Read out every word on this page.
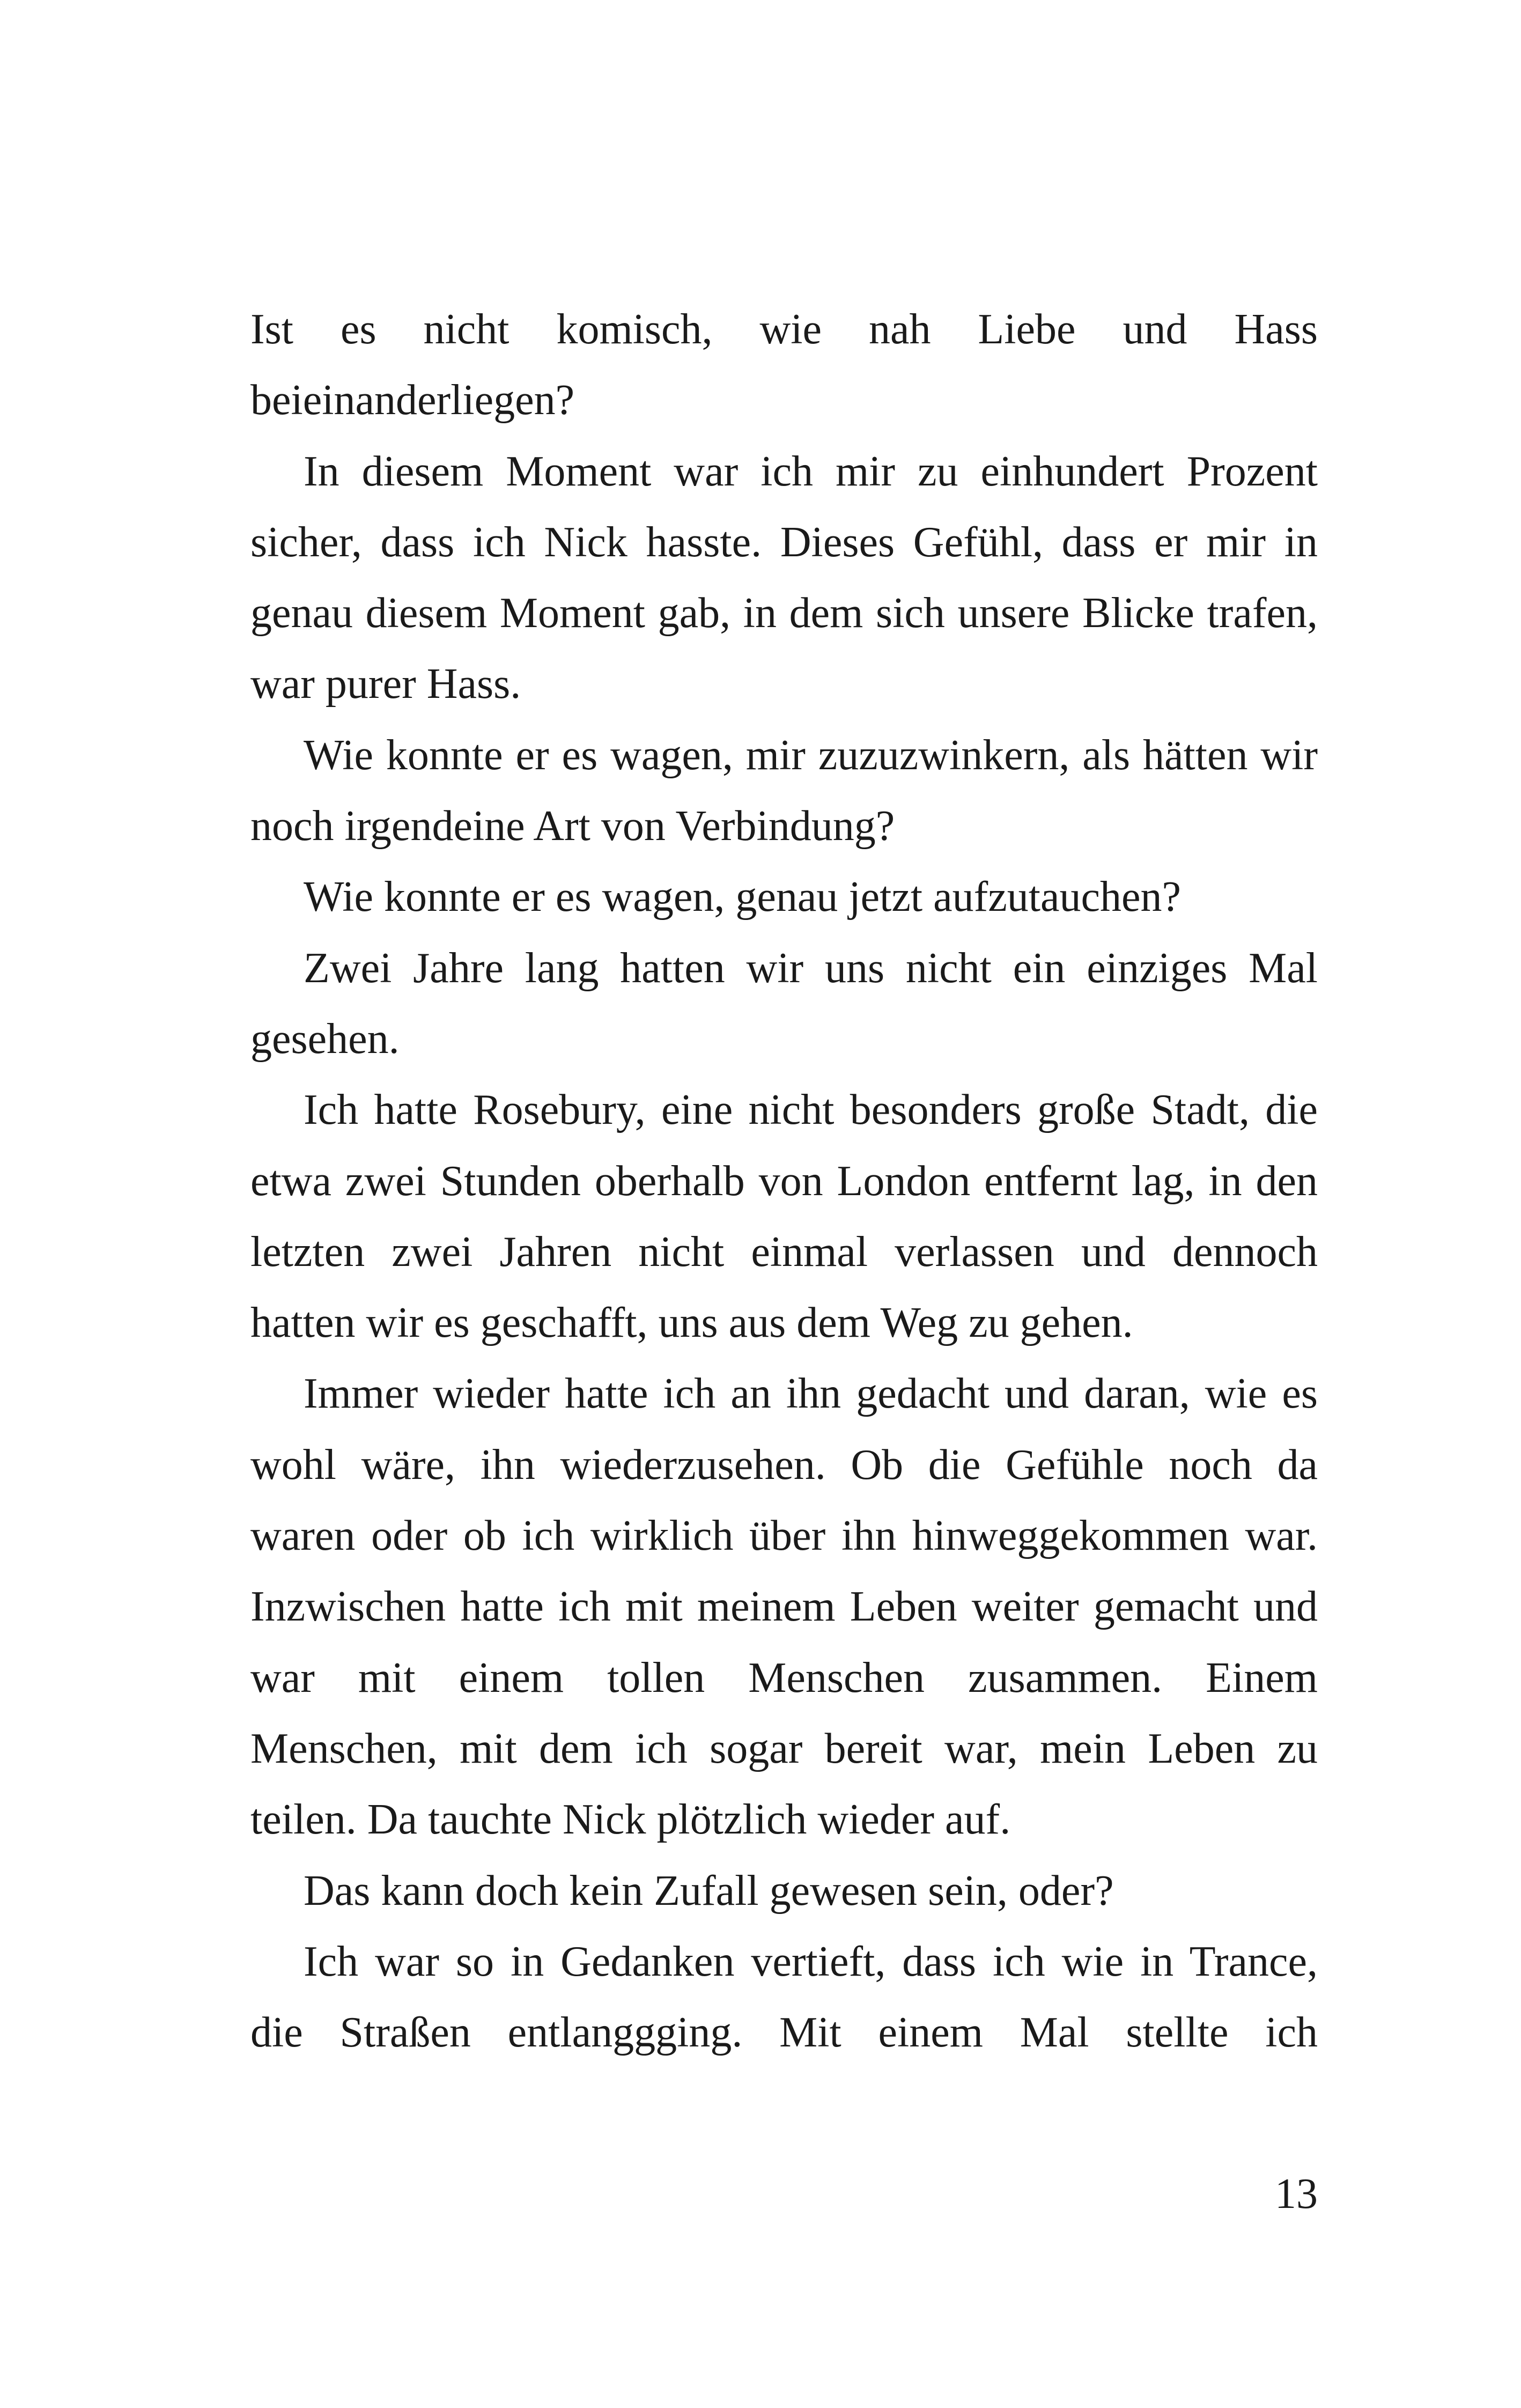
Ist es nicht komisch, wie nah Liebe und Hass beieinanderliegen?

In diesem Moment war ich mir zu einhundert Prozent sicher, dass ich Nick hasste. Dieses Gefühl, dass er mir in genau diesem Moment gab, in dem sich unsere Blicke trafen, war purer Hass.

Wie konnte er es wagen, mir zuzuzwinkern, als hätten wir noch irgendeine Art von Verbindung?

Wie konnte er es wagen, genau jetzt aufzutauchen?

Zwei Jahre lang hatten wir uns nicht ein einziges Mal gesehen.

Ich hatte Rosebury, eine nicht besonders große Stadt, die etwa zwei Stunden oberhalb von London entfernt lag, in den letzten zwei Jahren nicht einmal verlassen und dennoch hatten wir es geschafft, uns aus dem Weg zu gehen.

Immer wieder hatte ich an ihn gedacht und daran, wie es wohl wäre, ihn wiederzusehen. Ob die Gefühle noch da waren oder ob ich wirklich über ihn hinweggekommen war. Inzwischen hatte ich mit meinem Leben weiter gemacht und war mit einem tollen Menschen zusammen. Einem Menschen, mit dem ich sogar bereit war, mein Leben zu teilen. Da tauchte Nick plötzlich wieder auf.

Das kann doch kein Zufall gewesen sein, oder?

Ich war so in Gedanken vertieft, dass ich wie in Trance, die Straßen entlanggging. Mit einem Mal stellte ich

13
